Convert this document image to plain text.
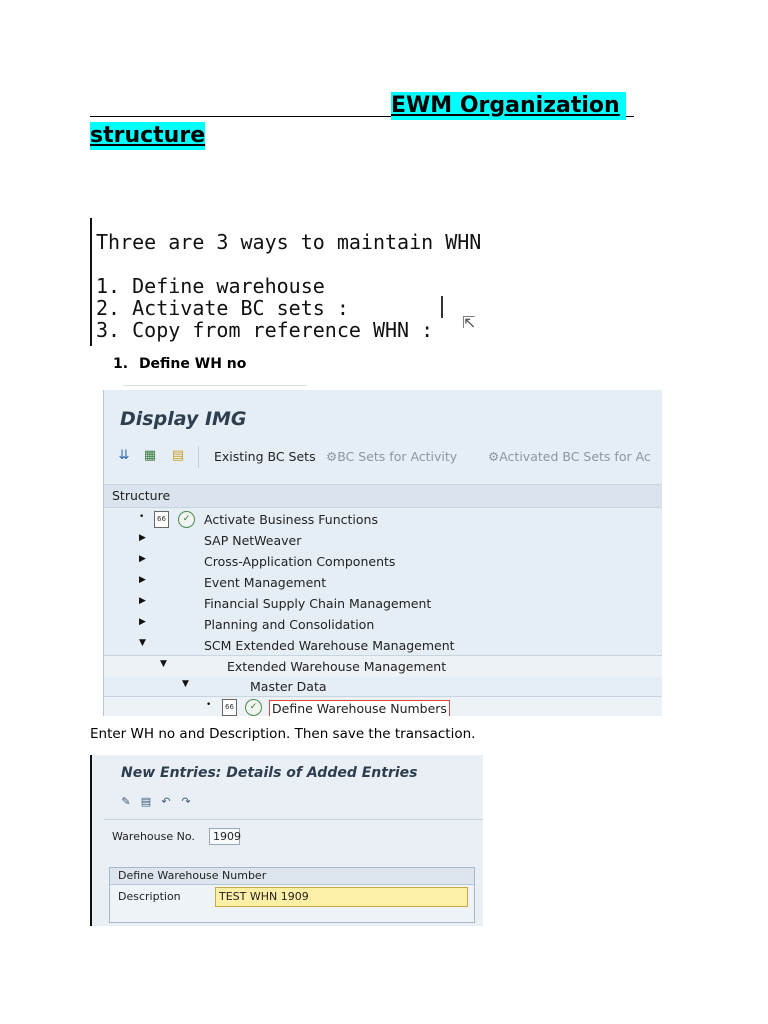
EWM Organization
structure
Three are 3 ways to maintain WHN
1. Define warehouse
2. Activate BC sets :
3. Copy from reference WHN : ⇱
1. Define WH no
Display IMG
⇊ ▦ ▤ Existing BC Sets ⚙BC Sets for Activity ⚙Activated BC Sets for Ac
Structure
•	66	✓	Activate Business Functions
▶	SAP NetWeaver
▶	Cross-Application Components
▶	Event Management
▶	Financial Supply Chain Management
▶	Planning and Consolidation
▼	SCM Extended Warehouse Management
▼	Extended Warehouse Management
▼	Master Data
•	66	✓	Define Warehouse Numbers
Enter WH no and Description. Then save the transaction.
New Entries: Details of Added Entries
✎ ▤ ↶ ↷
Warehouse No.	1909
Define Warehouse Number
Description	TEST WHN 1909
